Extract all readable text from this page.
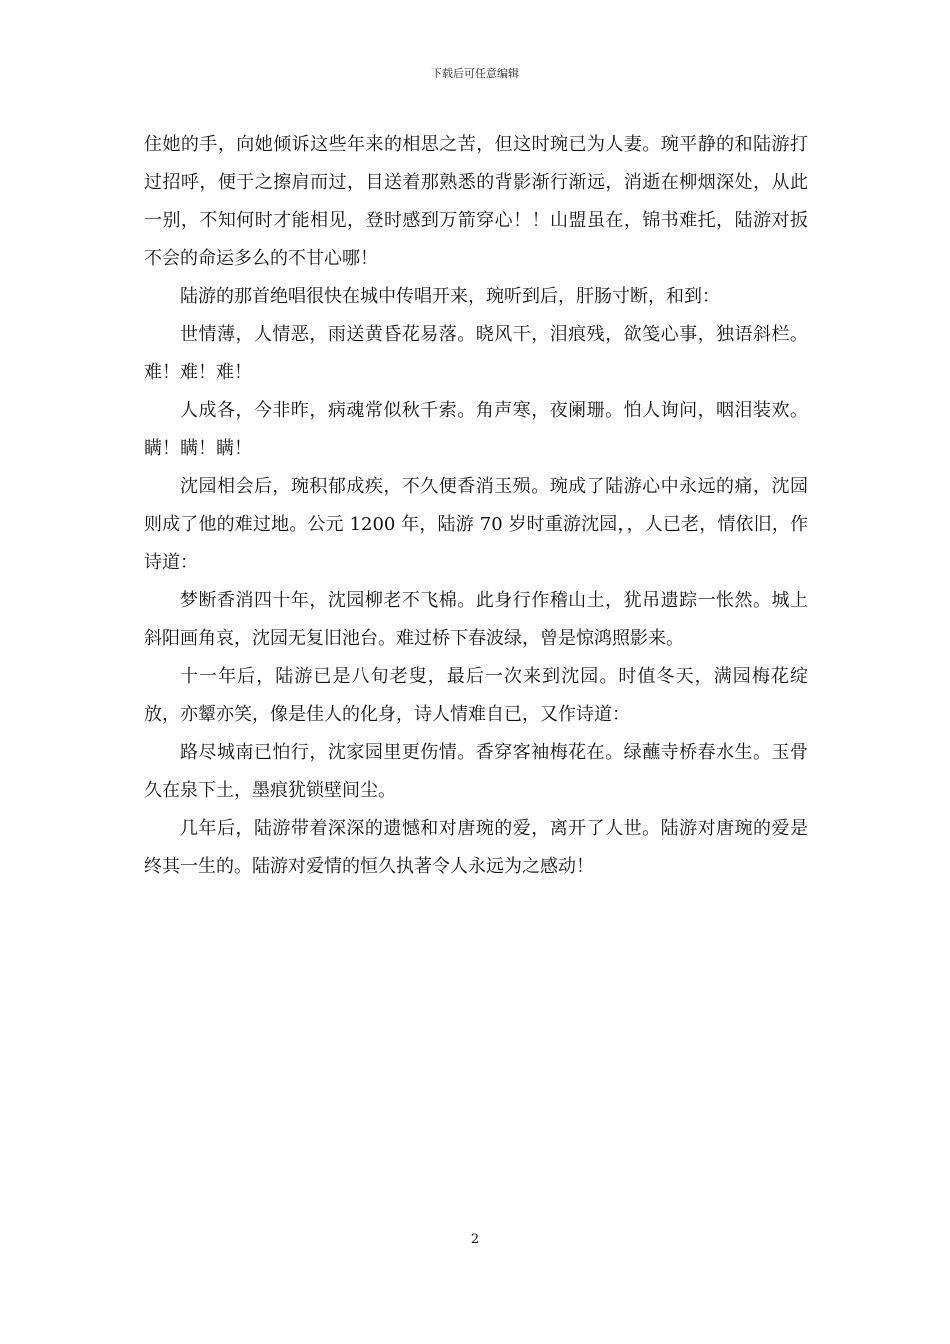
下载后可任意编辑

住她的手，向她倾诉这些年来的相思之苦，但这时琬已为人妻。琬平静的和陆游打过招呼，便于之擦肩而过，目送着那熟悉的背影渐行渐远，消逝在柳烟深处，从此一别，不知何时才能相见，登时感到万箭穿心！！山盟虽在，锦书难托，陆游对扳不会的命运多么的不甘心哪！

陆游的那首绝唱很快在城中传唱开来，琬听到后，肝肠寸断，和到：

世情薄，人情恶，雨送黄昏花易落。晓风干，泪痕残，欲笺心事，独语斜栏。难！难！难！

人成各，今非昨，病魂常似秋千索。角声寒，夜阑珊。怕人询问，咽泪装欢。瞒！瞒！瞒！

沈园相会后，琬积郁成疾，不久便香消玉殒。琬成了陆游心中永远的痛，沈园则成了他的难过地。公元 1200 年，陆游 70 岁时重游沈园，，人已老，情依旧，作诗道：

梦断香消四十年，沈园柳老不飞棉。此身行作稽山土，犹吊遗踪一怅然。城上斜阳画角哀，沈园无复旧池台。难过桥下春波绿，曾是惊鸿照影来。

十一年后，陆游已是八旬老叟，最后一次来到沈园。时值冬天，满园梅花绽放，亦颦亦笑，像是佳人的化身，诗人情难自已，又作诗道：

路尽城南已怕行，沈家园里更伤情。香穿客袖梅花在。绿蘸寺桥春水生。玉骨久在泉下土，墨痕犹锁壁间尘。

几年后，陆游带着深深的遗憾和对唐琬的爱，离开了人世。陆游对唐琬的爱是终其一生的。陆游对爱情的恒久执著令人永远为之感动！

2
